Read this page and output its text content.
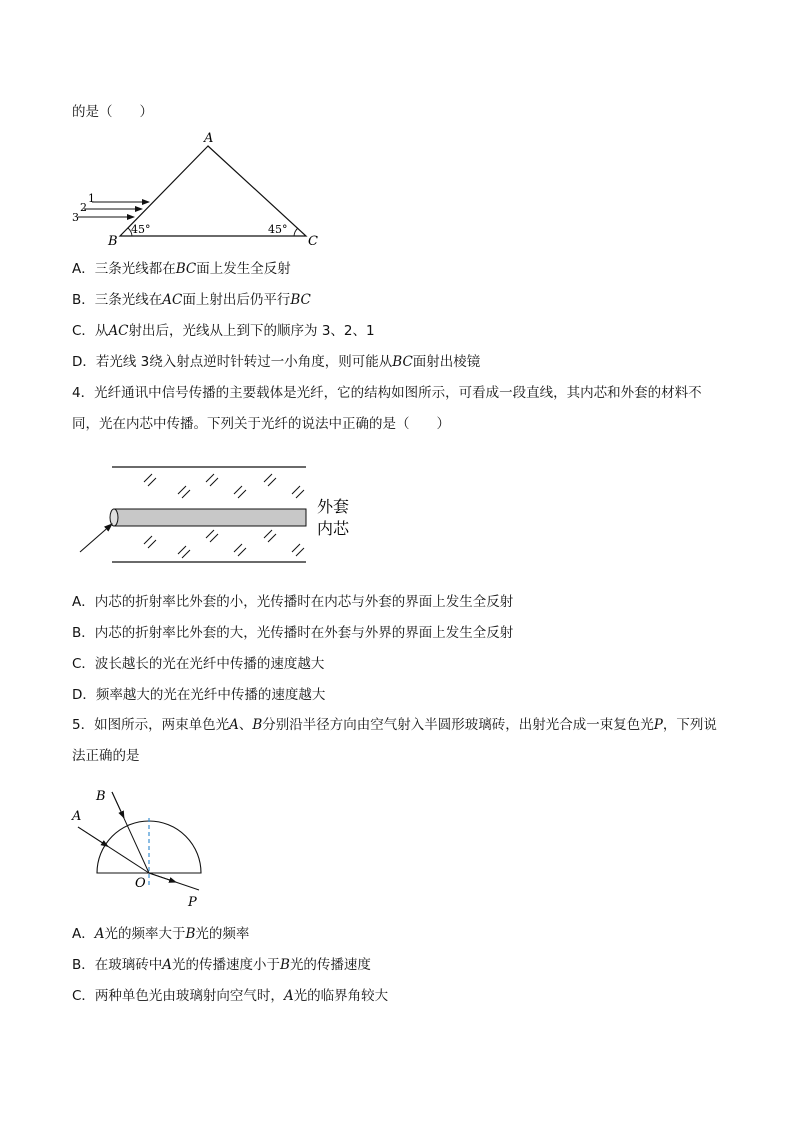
的是（　　）
A
B	C
45°	45°
1
2
3
A．三条光线都在BC面上发生全反射
B．三条光线在AC面上射出后仍平行BC
C．从AC射出后，光线从上到下的顺序为 3、2、1
D．若光线 3绕入射点逆时针转过一小角度，则可能从BC面射出棱镜
4．光纤通讯中信号传播的主要载体是光纤，它的结构如图所示，可看成一段直线，其内芯和外套的材料不同，光在内芯中传播。下列关于光纤的说法中正确的是（　　）
外套
内芯
A．内芯的折射率比外套的小，光传播时在内芯与外套的界面上发生全反射
B．内芯的折射率比外套的大，光传播时在外套与外界的界面上发生全反射
C．波长越长的光在光纤中传播的速度越大
D．频率越大的光在光纤中传播的速度越大
5．如图所示，两束单色光A、B分别沿半径方向由空气射入半圆形玻璃砖，出射光合成一束复色光P，下列说法正确的是
A
B
O
P
A．A光的频率大于B光的频率
B．在玻璃砖中A光的传播速度小于B光的传播速度
C．两种单色光由玻璃射向空气时，A光的临界角较大
